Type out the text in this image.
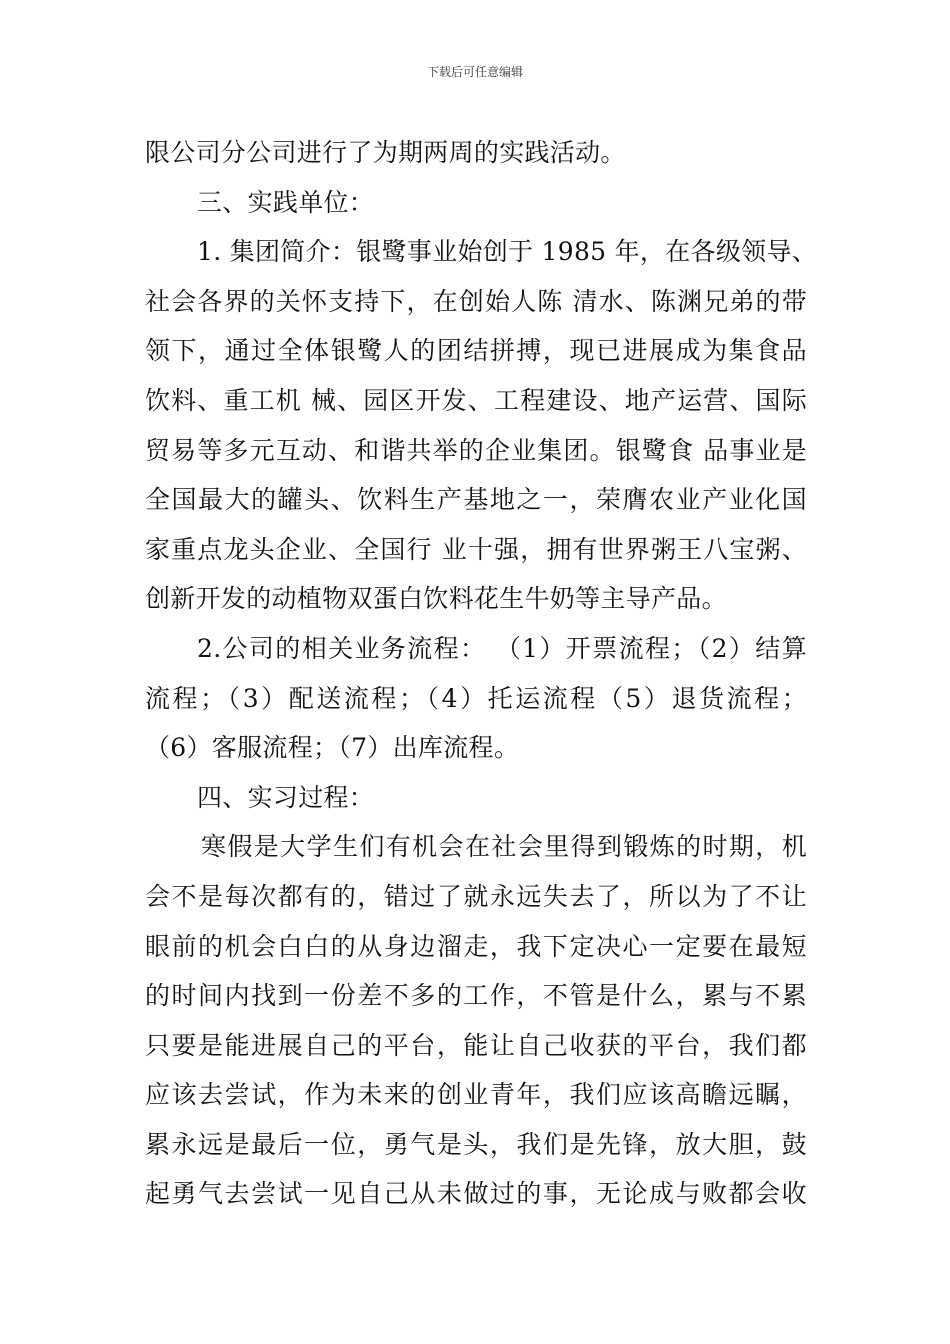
下载后可任意编辑
限公司分公司进行了为期两周的实践活动。
三、实践单位：
1. 集团简介：银鹭事业始创于 1985 年，在各级领导、
社会各界的关怀支持下，在创始人陈 清水、陈渊兄弟的带
领下，通过全体银鹭人的团结拼搏，现已进展成为集食品
饮料、重工机 械、园区开发、工程建设、地产运营、国际
贸易等多元互动、和谐共举的企业集团。银鹭食 品事业是
全国最大的罐头、饮料生产基地之一，荣膺农业产业化国
家重点龙头企业、全国行 业十强，拥有世界粥王八宝粥、
创新开发的动植物双蛋白饮料花生牛奶等主导产品。
2.公司的相关业务流程： （1）开票流程；（2）结算
流程；（3）配送流程；（4）托运流程（5）退货流程；
（6）客服流程；（7）出库流程。
四、实习过程：
寒假是大学生们有机会在社会里得到锻炼的时期，机
会不是每次都有的，错过了就永远失去了，所以为了不让
眼前的机会白白的从身边溜走，我下定决心一定要在最短
的时间内找到一份差不多的工作，不管是什么，累与不累
只要是能进展自己的平台，能让自己收获的平台，我们都
应该去尝试，作为未来的创业青年，我们应该高瞻远瞩，
累永远是最后一位，勇气是头，我们是先锋，放大胆，鼓
起勇气去尝试一见自己从未做过的事，无论成与败都会收
